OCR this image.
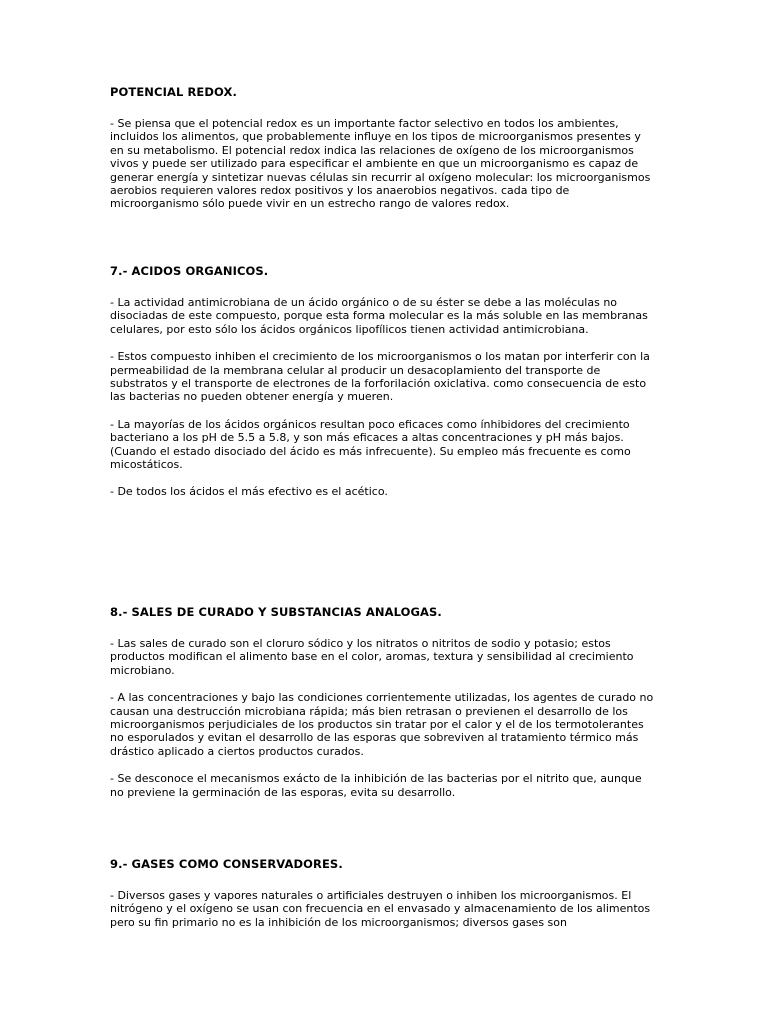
POTENCIAL REDOX.

- Se piensa que el potencial redox es un importante factor selectivo en todos los ambientes, incluidos los alimentos, que probablemente influye en los tipos de microorganismos presentes y en su metabolismo. El potencial redox indica las relaciones de oxígeno de los microorganismos vivos y puede ser utilizado para especificar el ambiente en que un microorganismo es capaz de generar energía y sintetizar nuevas células sin recurrir al oxígeno molecular: los microorganismos aerobios requieren valores redox positivos y los anaerobios negativos. cada tipo de microorganismo sólo puede vivir en un estrecho rango de valores redox.

7.- ACIDOS ORGANICOS.

- La actividad antimicrobiana de un ácido orgánico o de su éster se debe a las moléculas no disociadas de este compuesto, porque esta forma molecular es la más soluble en las membranas celulares, por esto sólo los ácidos orgánicos lipofílicos tienen actividad antimicrobiana.

- Estos compuesto inhiben el crecimiento de los microorganismos o los matan por interferir con la permeabilidad de la membrana celular al producir un desacoplamiento del transporte de substratos y el transporte de electrones de la forforilación oxiclativa. como consecuencia de esto las bacterias no pueden obtener energía y mueren.

- La mayorías de los ácidos orgánicos resultan poco eficaces como ínhibidores del crecimiento bacteriano a los pH de 5.5 a 5.8, y son más eficaces a altas concentraciones y pH más bajos. (Cuando el estado disociado del ácido es más infrecuente). Su empleo más frecuente es como micostáticos.

- De todos los ácidos el más efectivo es el acético.

8.- SALES DE CURADO Y SUBSTANCIAS ANALOGAS.

- Las sales de curado son el cloruro sódico y los nitratos o nitritos de sodio y potasio; estos productos modifican el alimento base en el color, aromas, textura y sensibilidad al crecimiento microbiano.

- A las concentraciones y bajo las condiciones corrientemente utilizadas, los agentes de curado no causan una destrucción microbiana rápida; más bien retrasan o previenen el desarrollo de los microorganismos perjudiciales de los productos sin tratar por el calor y el de los termotolerantes no esporulados y evitan el desarrollo de las esporas que sobreviven al tratamiento térmico más drástico aplicado a ciertos productos curados.

- Se desconoce el mecanismos exácto de la inhibición de las bacterias por el nitrito que, aunque no previene la germinación de las esporas, evita su desarrollo.

9.- GASES COMO CONSERVADORES.

- Diversos gases y vapores naturales o artificiales destruyen o inhiben los microorganismos. El nitrógeno y el oxígeno se usan con frecuencia en el envasado y almacenamiento de los alimentos pero su fin primario no es la inhibición de los microorganismos; diversos gases son
